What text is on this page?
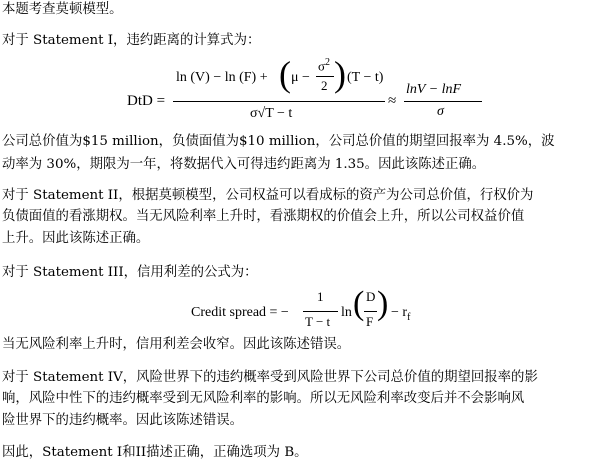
本题考查莫顿模型。
对于 Statement I，违约距离的计算式为：
DtD =
ln (V) − ln (F) + ( μ −
$\sigma^2$
2 ) (T − t)
σ√T − t
≈
lnV − lnF
σ
公司总价值为$15 million，负债面值为$10 million，公司总价值的期望回报率为 4.5%，波
动率为 30%，期限为一年，将数据代入可得违约距离为 1.35。因此该陈述正确。
对于 Statement II，根据莫顿模型，公司权益可以看成标的资产为公司总价值，行权价为
负债面值的看涨期权。当无风险利率上升时，看涨期权的价值会上升，所以公司权益价值
上升。因此该陈述正确。
对于 Statement III，信用利差的公式为：
Credit spread = −
1
T − t
ln ( D
F ) − $r_f$
当无风险利率上升时，信用利差会收窄。因此该陈述错误。
对于 Statement IV，风险世界下的违约概率受到风险世界下公司总价值的期望回报率的影
响，风险中性下的违约概率受到无风险利率的影响。所以无风险利率改变后并不会影响风
险世界下的违约概率。因此该陈述错误。
因此，Statement I和II描述正确，正确选项为 B。
